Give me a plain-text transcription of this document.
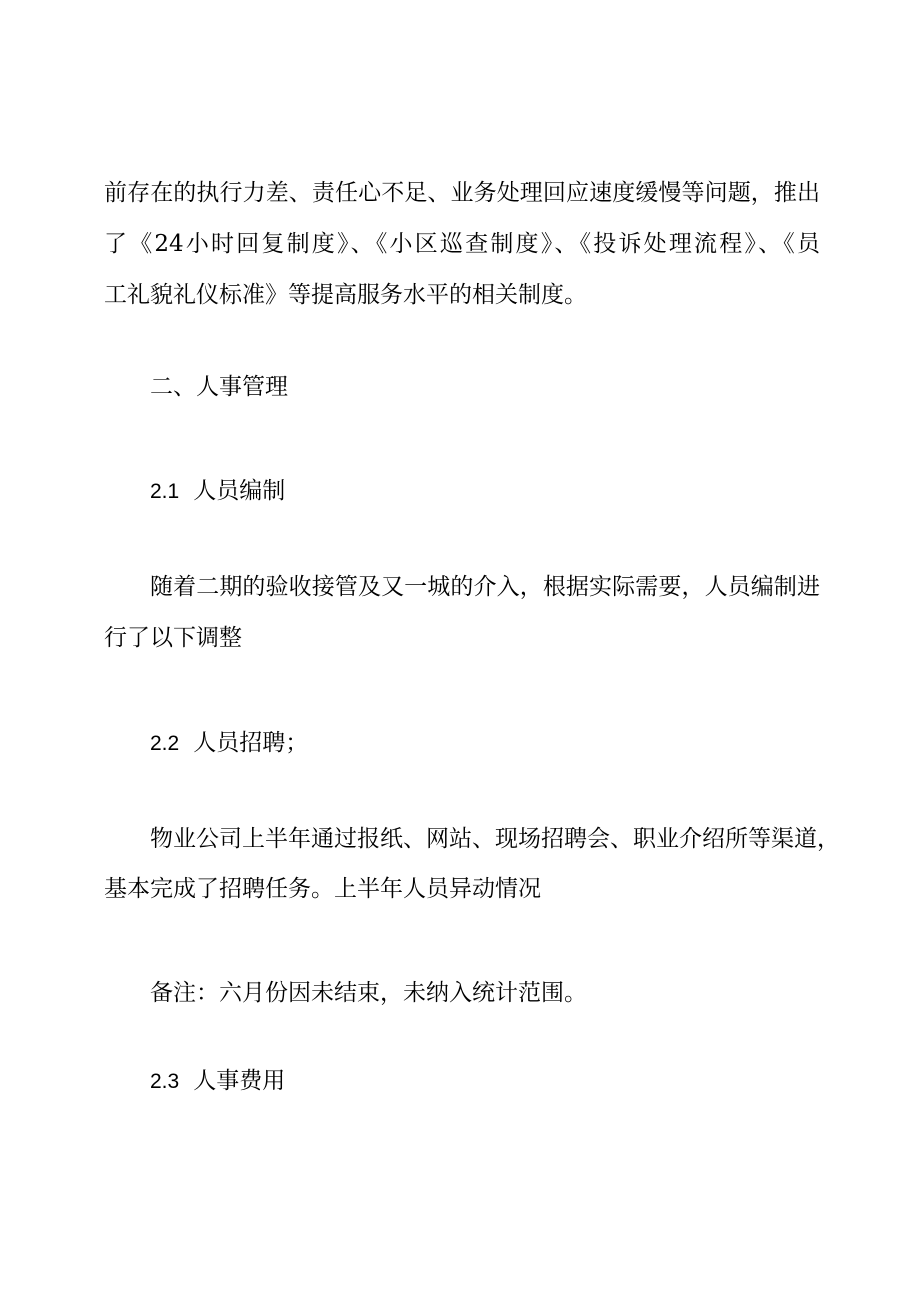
前存在的执行力差、责任心不足、业务处理回应速度缓慢等问题，推出
了《24小时回复制度》、《小区巡查制度》、《投诉处理流程》、《员
工礼貌礼仪标准》等提高服务水平的相关制度。
二、人事管理
2.1 人员编制
随着二期的验收接管及又一城的介入，根据实际需要，人员编制进
行了以下调整
2.2 人员招聘；
物业公司上半年通过报纸、网站、现场招聘会、职业介绍所等渠道，
基本完成了招聘任务。上半年人员异动情况
备注：六月份因未结束，未纳入统计范围。
2.3 人事费用
